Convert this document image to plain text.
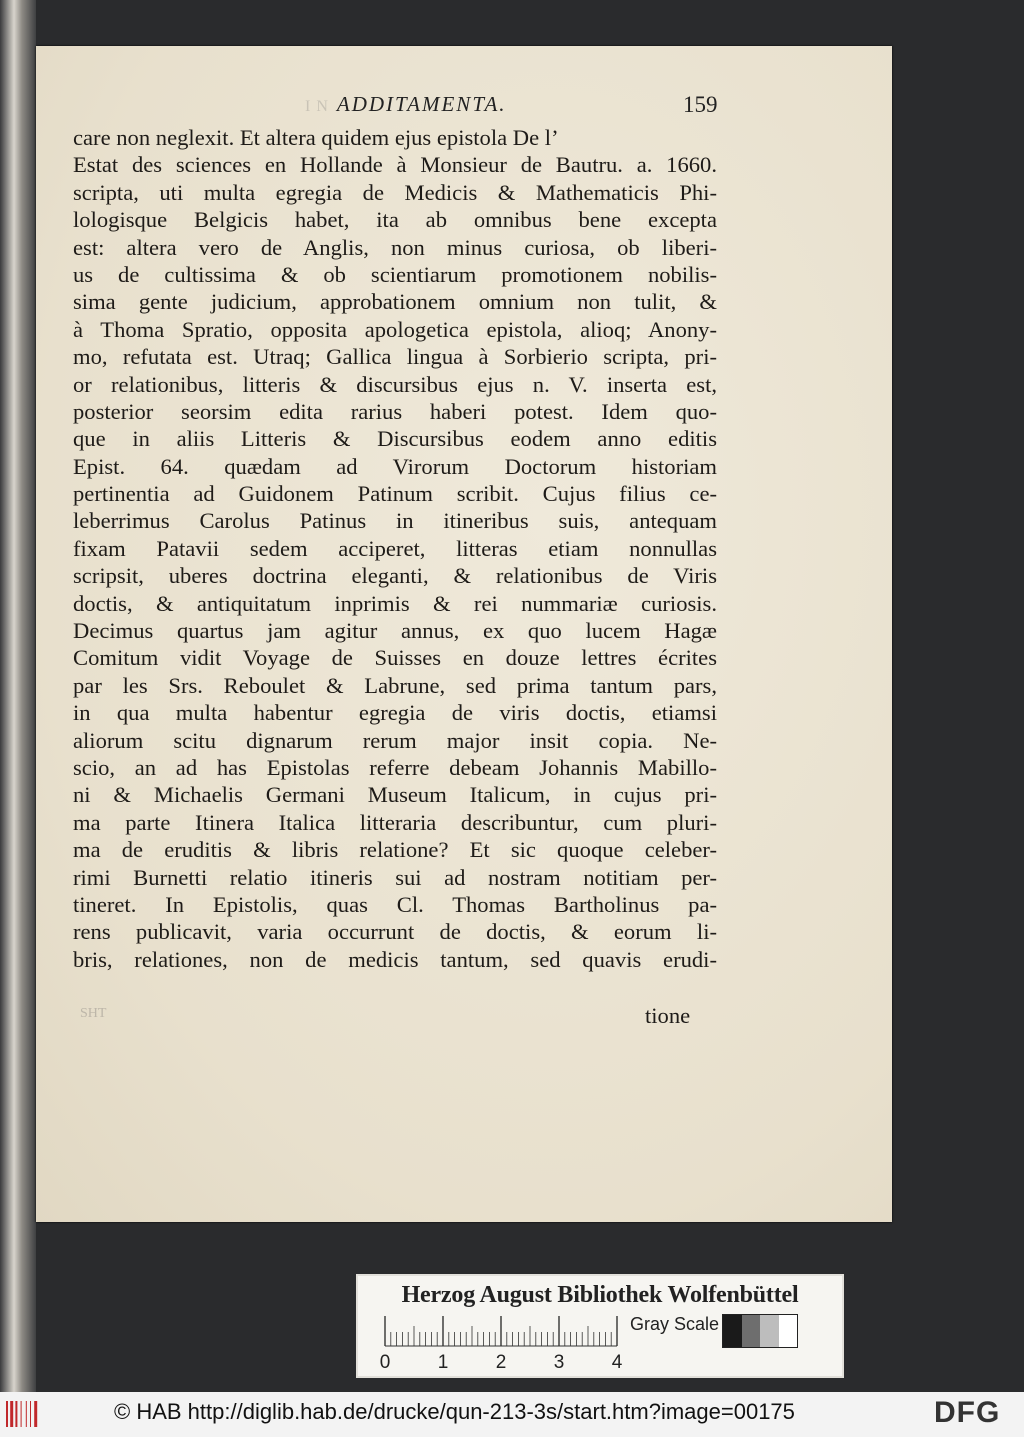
I N ADDITAMENTA.	159
care non neglexit. Et altera quidem ejus epistola De l’
Estat des sciences en Hollande à Monsieur de Bautru. a. 1660.
scripta, uti multa egregia de Medicis & Mathematicis Phi-
lologisque Belgicis habet, ita ab omnibus bene excepta
est: altera vero de Anglis, non minus curiosa, ob liberi-
us de cultissima & ob scientiarum promotionem nobilis-
sima gente judicium, approbationem omnium non tulit, &
à Thoma Spratio, opposita apologetica epistola, alioq; Anony-
mo, refutata est. Utraq; Gallica lingua à Sorbierio scripta, pri-
or relationibus, litteris & discursibus ejus n. V. inserta est,
posterior seorsim edita rarius haberi potest. Idem quo-
que in aliis Litteris & Discursibus eodem anno editis
Epist. 64. quædam ad Virorum Doctorum historiam
pertinentia ad Guidonem Patinum scribit. Cujus filius ce-
leberrimus Carolus Patinus in itineribus suis, antequam
fixam Patavii sedem acciperet, litteras etiam nonnullas
scripsit, uberes doctrina eleganti, & relationibus de Viris
doctis, & antiquitatum inprimis & rei nummariæ curiosis.
Decimus quartus jam agitur annus, ex quo lucem Hagæ
Comitum vidit Voyage de Suisses en douze lettres écrites
par les Srs. Reboulet & Labrune, sed prima tantum pars,
in qua multa habentur egregia de viris doctis, etiamsi
aliorum scitu dignarum rerum major insit copia. Ne-
scio, an ad has Epistolas referre debeam Johannis Mabillo-
ni & Michaelis Germani Museum Italicum, in cujus pri-
ma parte Itinera Italica litteraria describuntur, cum pluri-
ma de eruditis & libris relatione? Et sic quoque celeber-
rimi Burnetti relatio itineris sui ad nostram notitiam per-
tineret. In Epistolis, quas Cl. Thomas Bartholinus pa-
rens publicavit, varia occurrunt de doctis, & eorum li-
bris, relationes, non de medicis tantum, sed quavis erudi-
SHT	tione
Herzog August Bibliothek Wolfenbüttel
0 1 2 3 4
Gray Scale
© HAB http://diglib.hab.de/drucke/qun-213-3s/start.htm?image=00175	DFG
